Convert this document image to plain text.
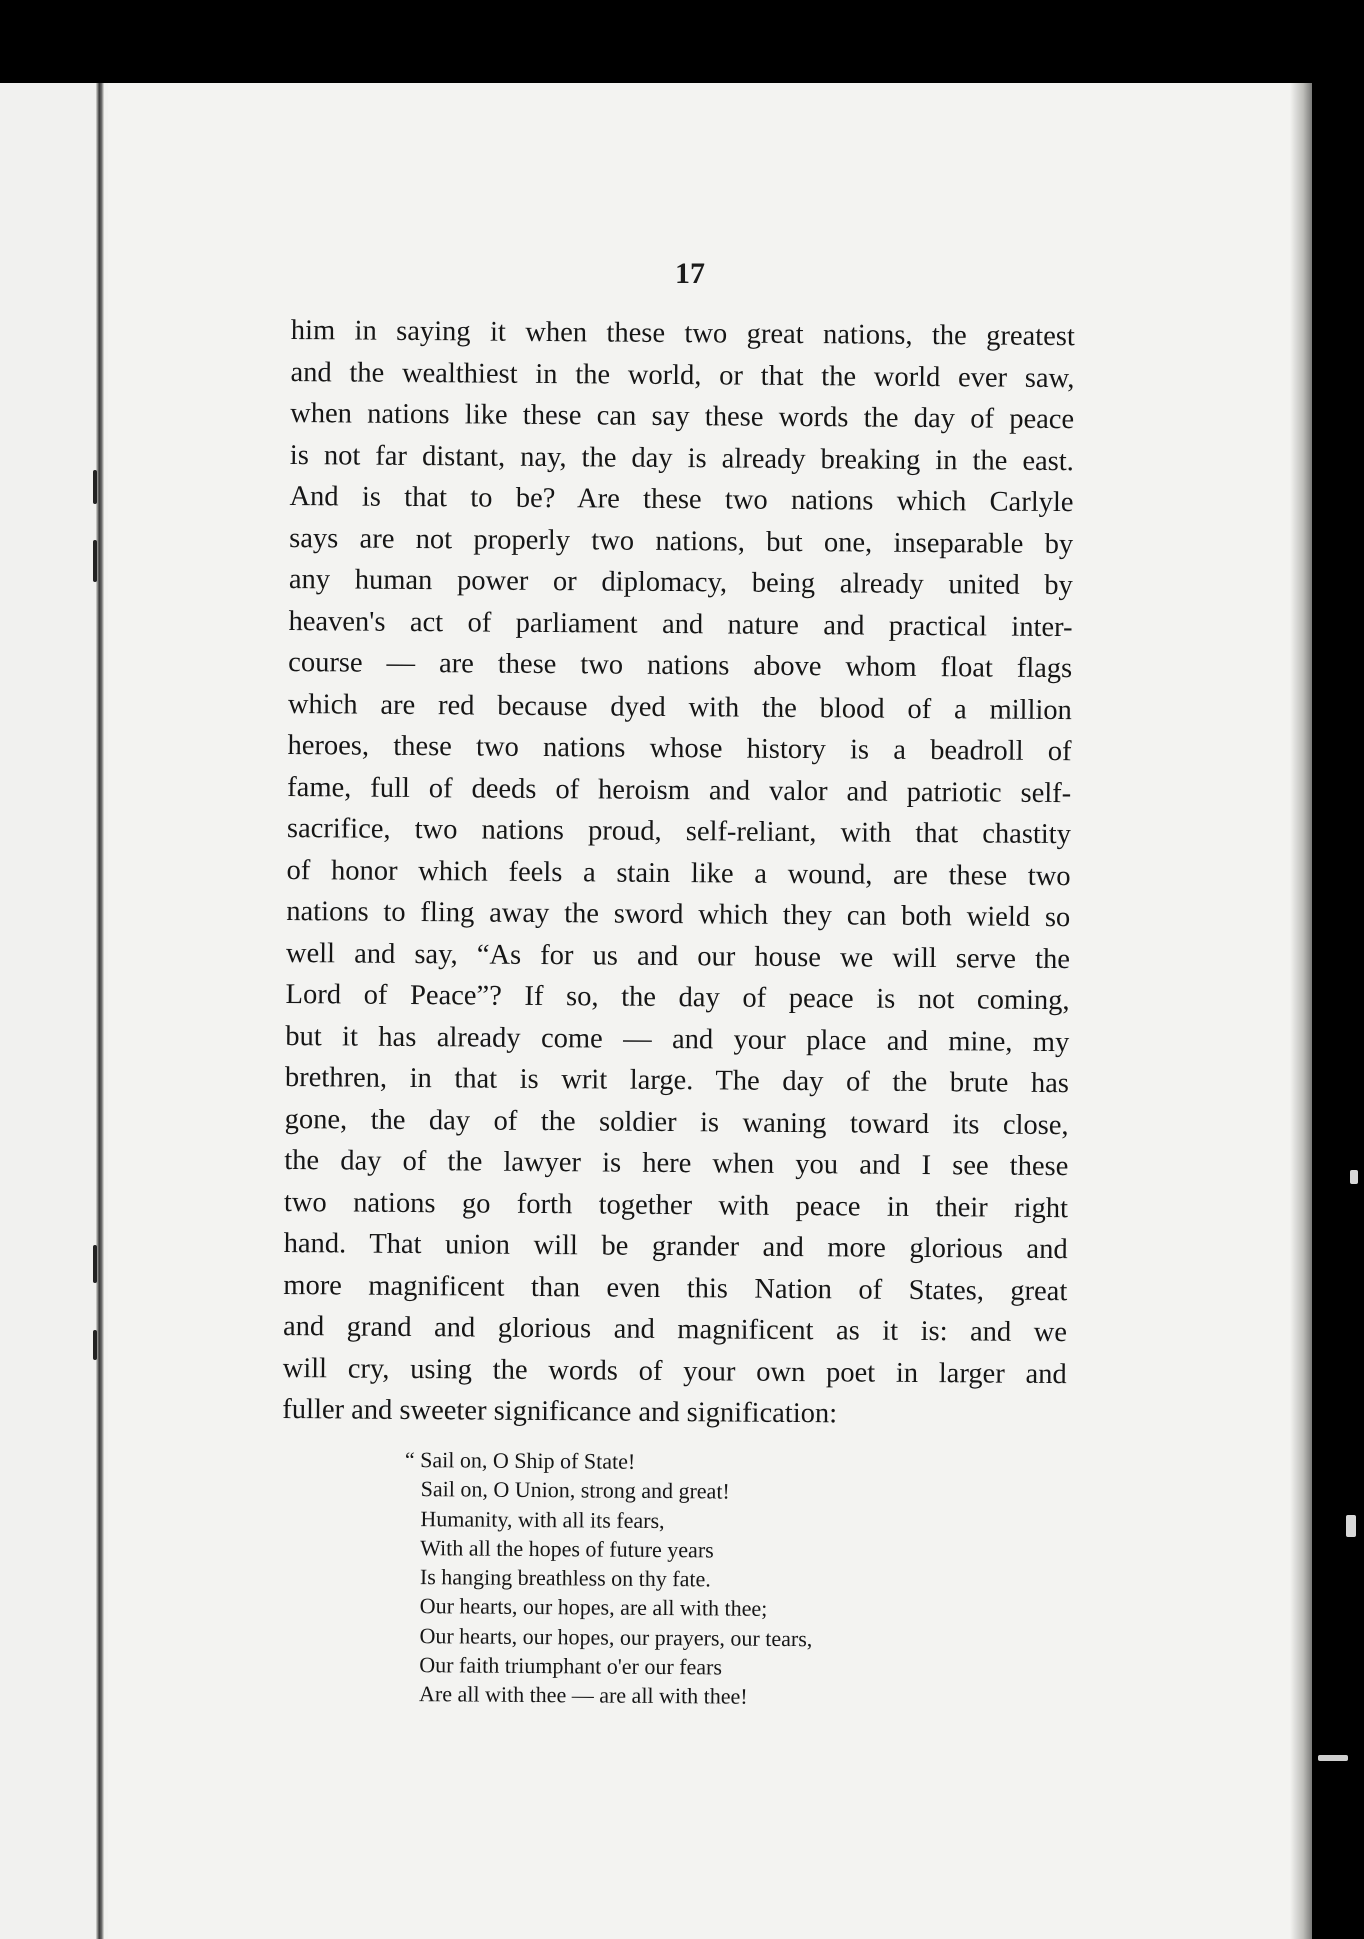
17
him in saying it when these two great nations, the greatest
and the wealthiest in the world, or that the world ever saw,
when nations like these can say these words the day of peace
is not far distant, nay, the day is already breaking in the east.
And is that to be? Are these two nations which Carlyle
says are not properly two nations, but one, inseparable by
any human power or diplomacy, being already united by
heaven's act of parliament and nature and practical inter-
course — are these two nations above whom float flags
which are red because dyed with the blood of a million
heroes, these two nations whose history is a beadroll of
fame, full of deeds of heroism and valor and patriotic self-
sacrifice, two nations proud, self-reliant, with that chastity
of honor which feels a stain like a wound, are these two
nations to fling away the sword which they can both wield so
well and say, “As for us and our house we will serve the
Lord of Peace”? If so, the day of peace is not coming,
but it has already come — and your place and mine, my
brethren, in that is writ large. The day of the brute has
gone, the day of the soldier is waning toward its close,
the day of the lawyer is here when you and I see these
two nations go forth together with peace in their right
hand. That union will be grander and more glorious and
more magnificent than even this Nation of States, great
and grand and glorious and magnificent as it is: and we
will cry, using the words of your own poet in larger and
fuller and sweeter significance and signification:
“ Sail on, O Ship of State!
Sail on, O Union, strong and great!
Humanity, with all its fears,
With all the hopes of future years
Is hanging breathless on thy fate.
Our hearts, our hopes, are all with thee;
Our hearts, our hopes, our prayers, our tears,
Our faith triumphant o'er our fears
Are all with thee — are all with thee!
